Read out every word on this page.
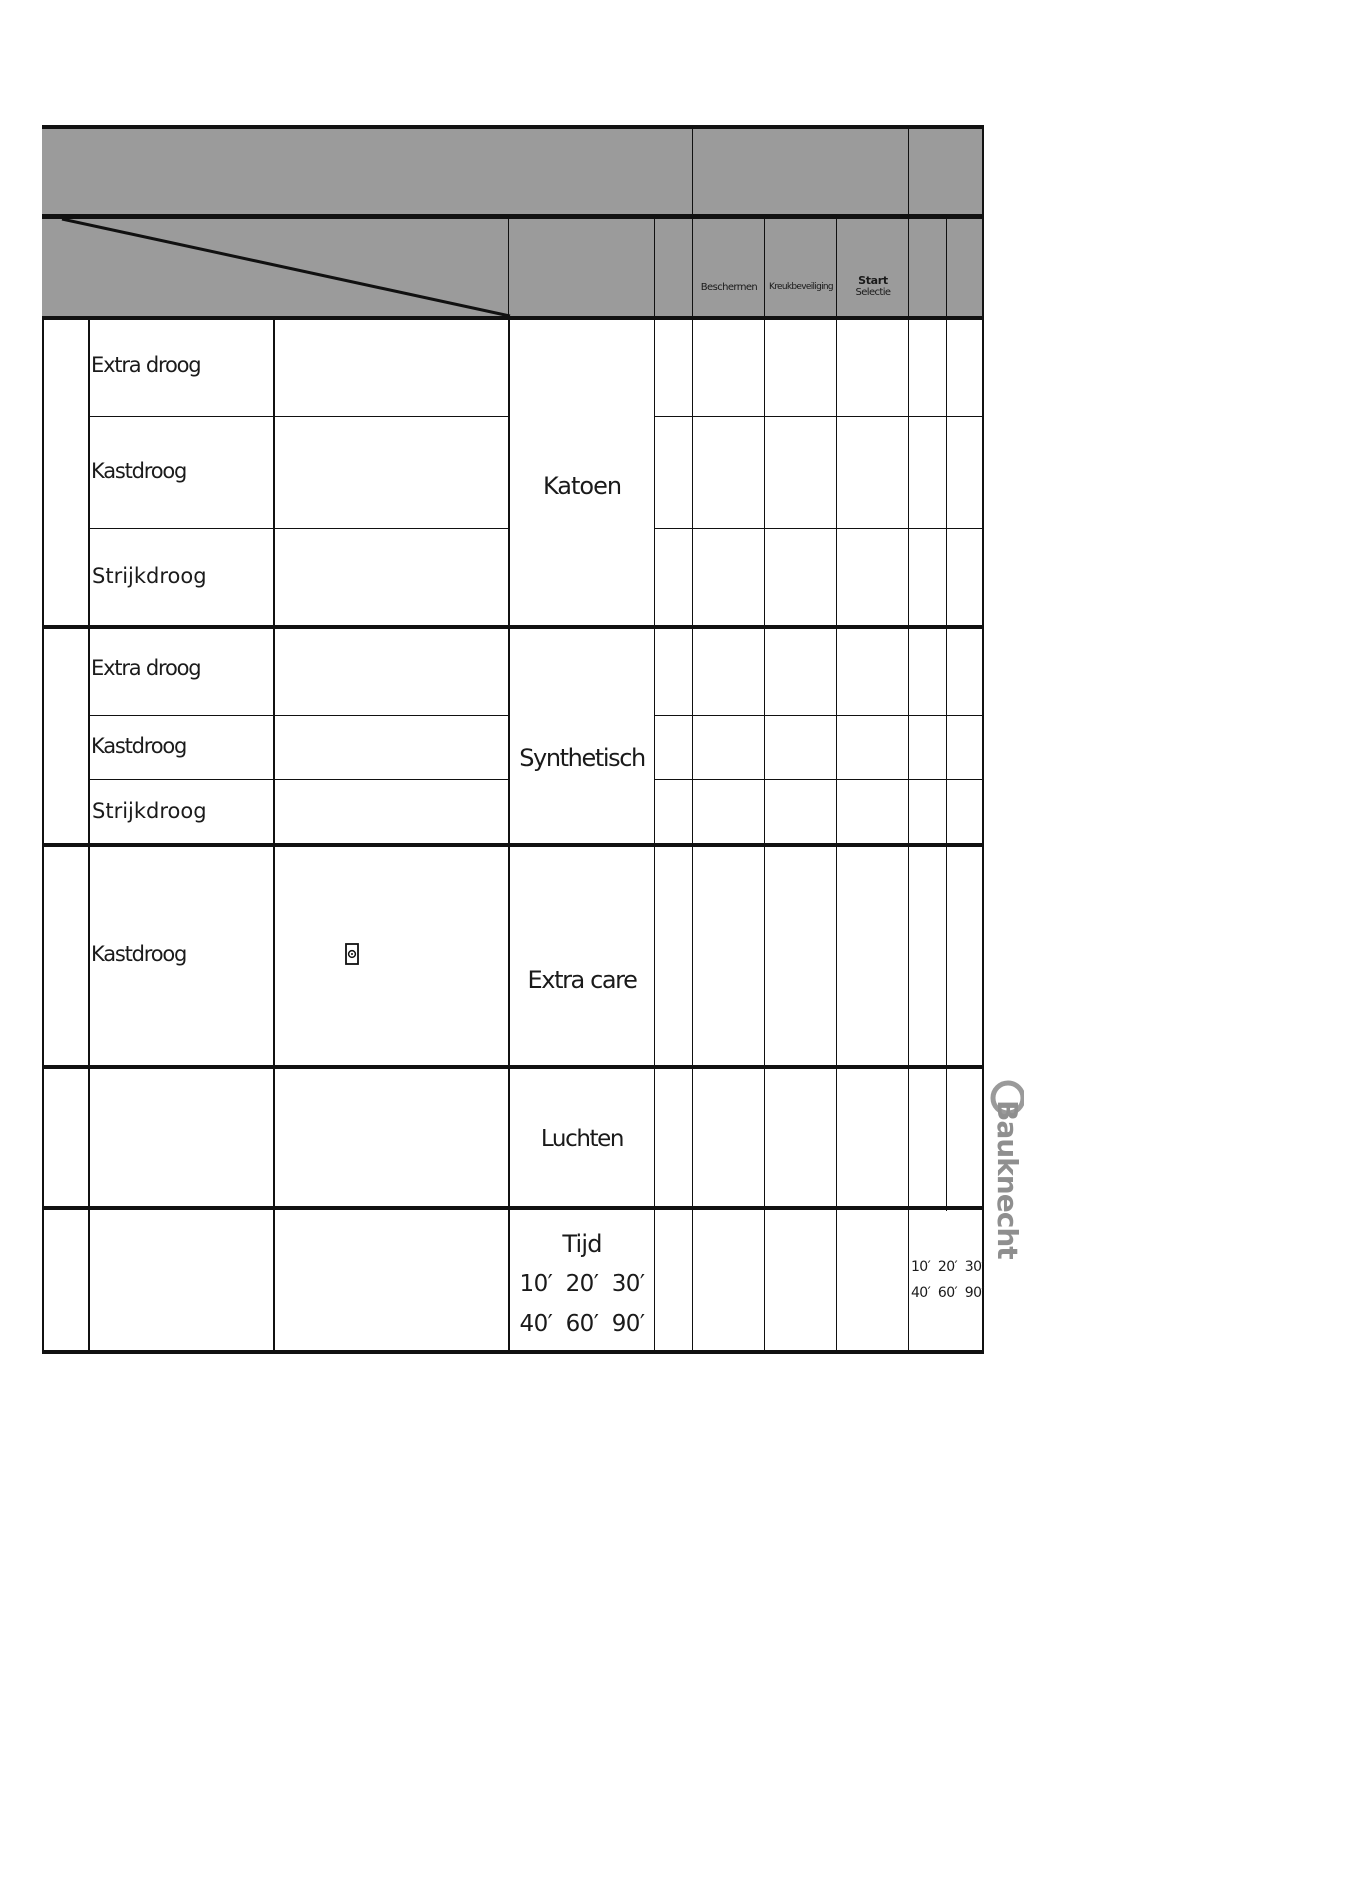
Beschermen	Kreukbeveiliging	Start
Selectie
Extra droog
Kastdroog
Strijkdroog
Katoen
Extra droog
Kastdroog
Strijkdroog
Synthetisch
Kastdroog
Extra care
Luchten
Tijd
10′  20′  30′
40′  60′  90′
10′  20′  30′
40′  60′  90′
Bauknecht
